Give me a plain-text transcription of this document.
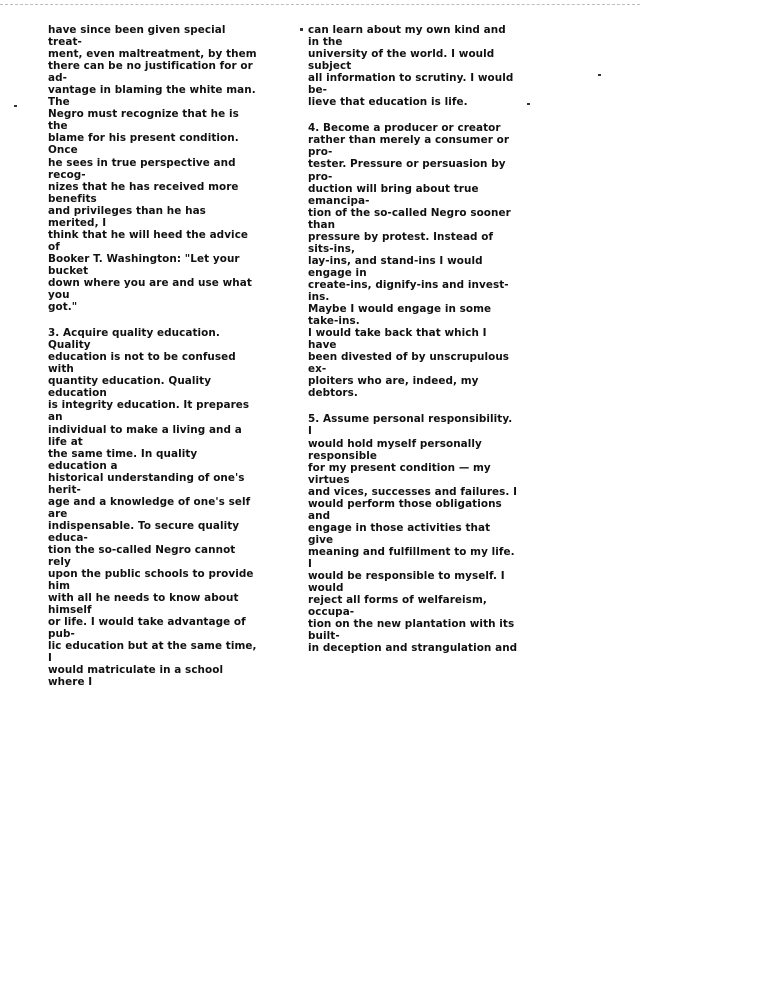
have since been given special treat-
ment, even maltreatment, by them
there can be no justification for or ad-
vantage in blaming the white man. The
Negro must recognize that he is the
blame for his present condition. Once
he sees in true perspective and recog-
nizes that he has received more benefits
and privileges than he has merited, I
think that he will heed the advice of
Booker T. Washington: "Let your bucket
down where you are and use what you
got."

3. Acquire quality education. Quality
education is not to be confused with
quantity education. Quality education
is integrity education. It prepares an
individual to make a living and a life at
the same time. In quality education a
historical understanding of one's herit-
age and a knowledge of one's self are
indispensable. To secure quality educa-
tion the so-called Negro cannot rely
upon the public schools to provide him
with all he needs to know about himself
or life. I would take advantage of pub-
lic education but at the same time, I
would matriculate in a school where I

can learn about my own kind and in the
university of the world. I would subject
all information to scrutiny. I would be-
lieve that education is life.

4. Become a producer or creator
rather than merely a consumer or pro-
tester. Pressure or persuasion by pro-
duction will bring about true emancipa-
tion of the so-called Negro sooner than
pressure by protest. Instead of sits-ins,
lay-ins, and stand-ins I would engage in
create-ins, dignify-ins and invest-ins.
Maybe I would engage in some take-ins.
I would take back that which I have
been divested of by unscrupulous ex-
ploiters who are, indeed, my debtors.

5. Assume personal responsibility. I
would hold myself personally responsible
for my present condition — my virtues
and vices, successes and failures. I
would perform those obligations and
engage in those activities that give
meaning and fulfillment to my life. I
would be responsible to myself. I would
reject all forms of welfareism, occupa-
tion on the new plantation with its built-
in deception and strangulation and
